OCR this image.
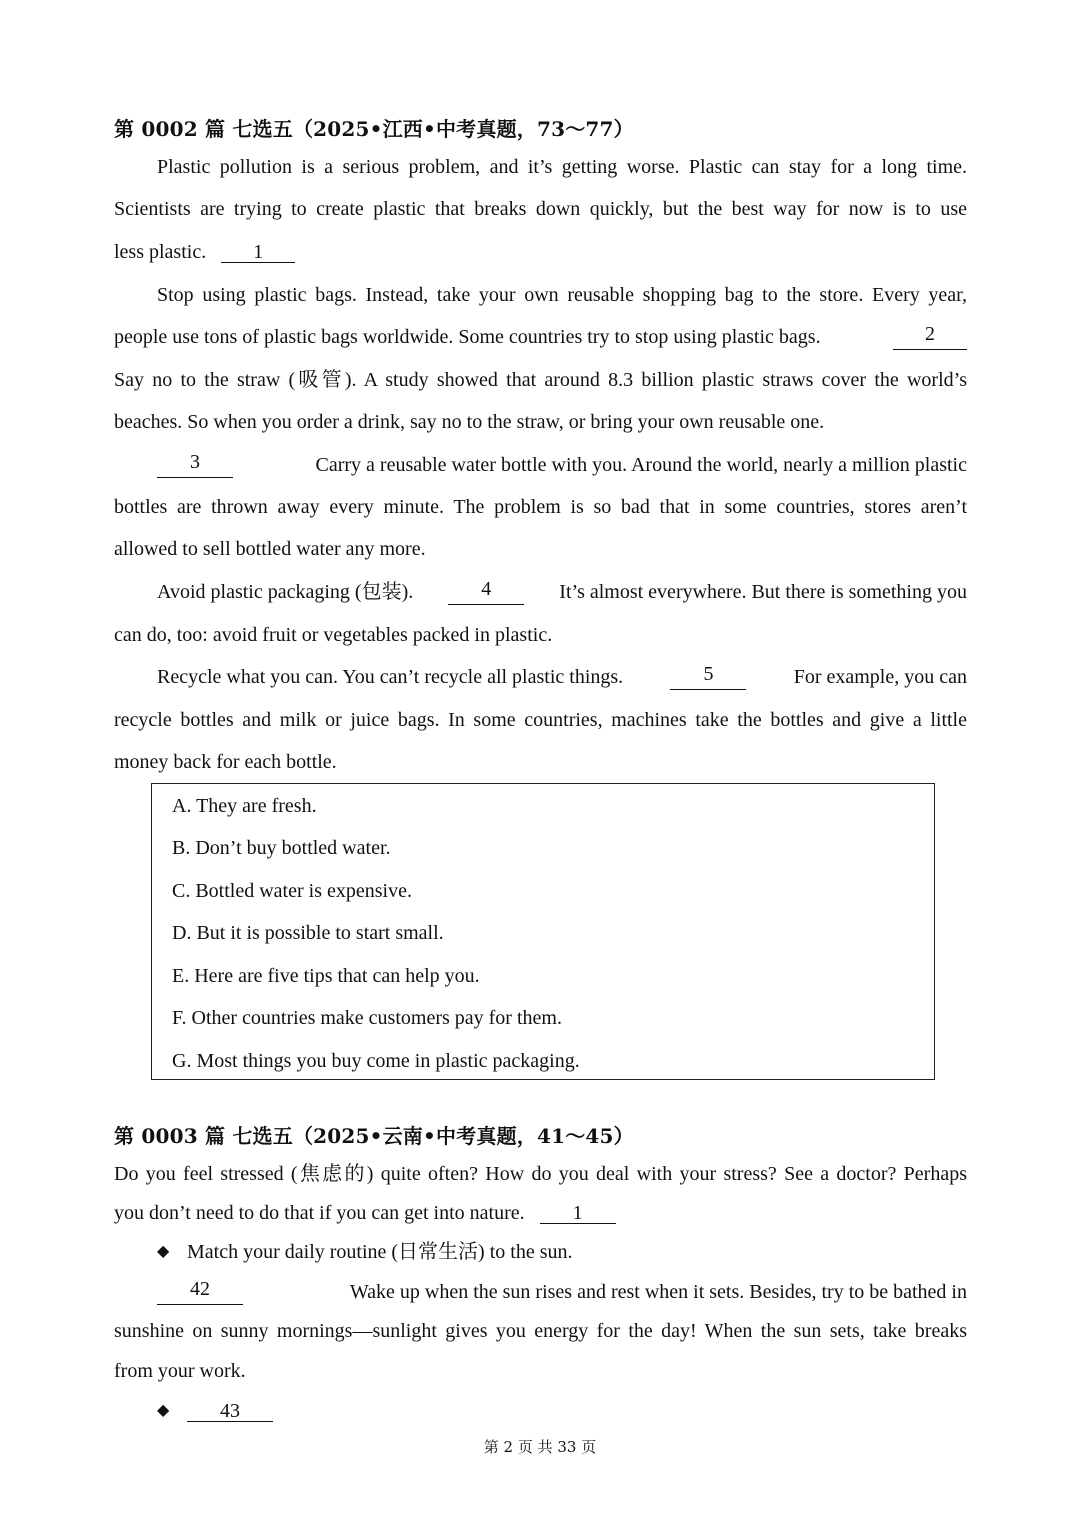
第 0002 篇 七选五（2025•江西•中考真题，73～77）
Plastic pollution is a serious problem, and it’s getting worse. Plastic can stay for a long time.
Scientists are trying to create plastic that breaks down quickly, but the best way for now is to use
less plastic. 1
Stop using plastic bags. Instead, take your own reusable shopping bag to the store. Every year,
people use tons of plastic bags worldwide. Some countries try to stop using plastic bags.	2
Say no to the straw (吸管). A study showed that around 8.3 billion plastic straws cover the world’s
beaches. So when you order a drink, say no to the straw, or bring your own reusable one.
3	Carry a reusable water bottle with you. Around the world, nearly a million plastic
bottles are thrown away every minute. The problem is so bad that in some countries, stores aren’t
allowed to sell bottled water any more.
Avoid plastic packaging (包装).	4	It’s almost everywhere. But there is something you
can do, too: avoid fruit or vegetables packed in plastic.
Recycle what you can. You can’t recycle all plastic things.	5	For example, you can
recycle bottles and milk or juice bags. In some countries, machines take the bottles and give a little
money back for each bottle.
A. They are fresh.
B. Don’t buy bottled water.
C. Bottled water is expensive.
D. But it is possible to start small.
E. Here are five tips that can help you.
F. Other countries make customers pay for them.
G. Most things you buy come in plastic packaging.
第 0003 篇 七选五（2025•云南•中考真题，41～45）
Do you feel stressed (焦虑的) quite often? How do you deal with your stress? See a doctor? Perhaps
you don’t need to do that if you can get into nature. 1
◆ Match your daily routine (日常生活) to the sun.
42	Wake up when the sun rises and rest when it sets. Besides, try to be bathed in
sunshine on sunny mornings—sunlight gives you energy for the day! When the sun sets, take breaks
from your work.
◆	43
第 2 页 共 33 页
